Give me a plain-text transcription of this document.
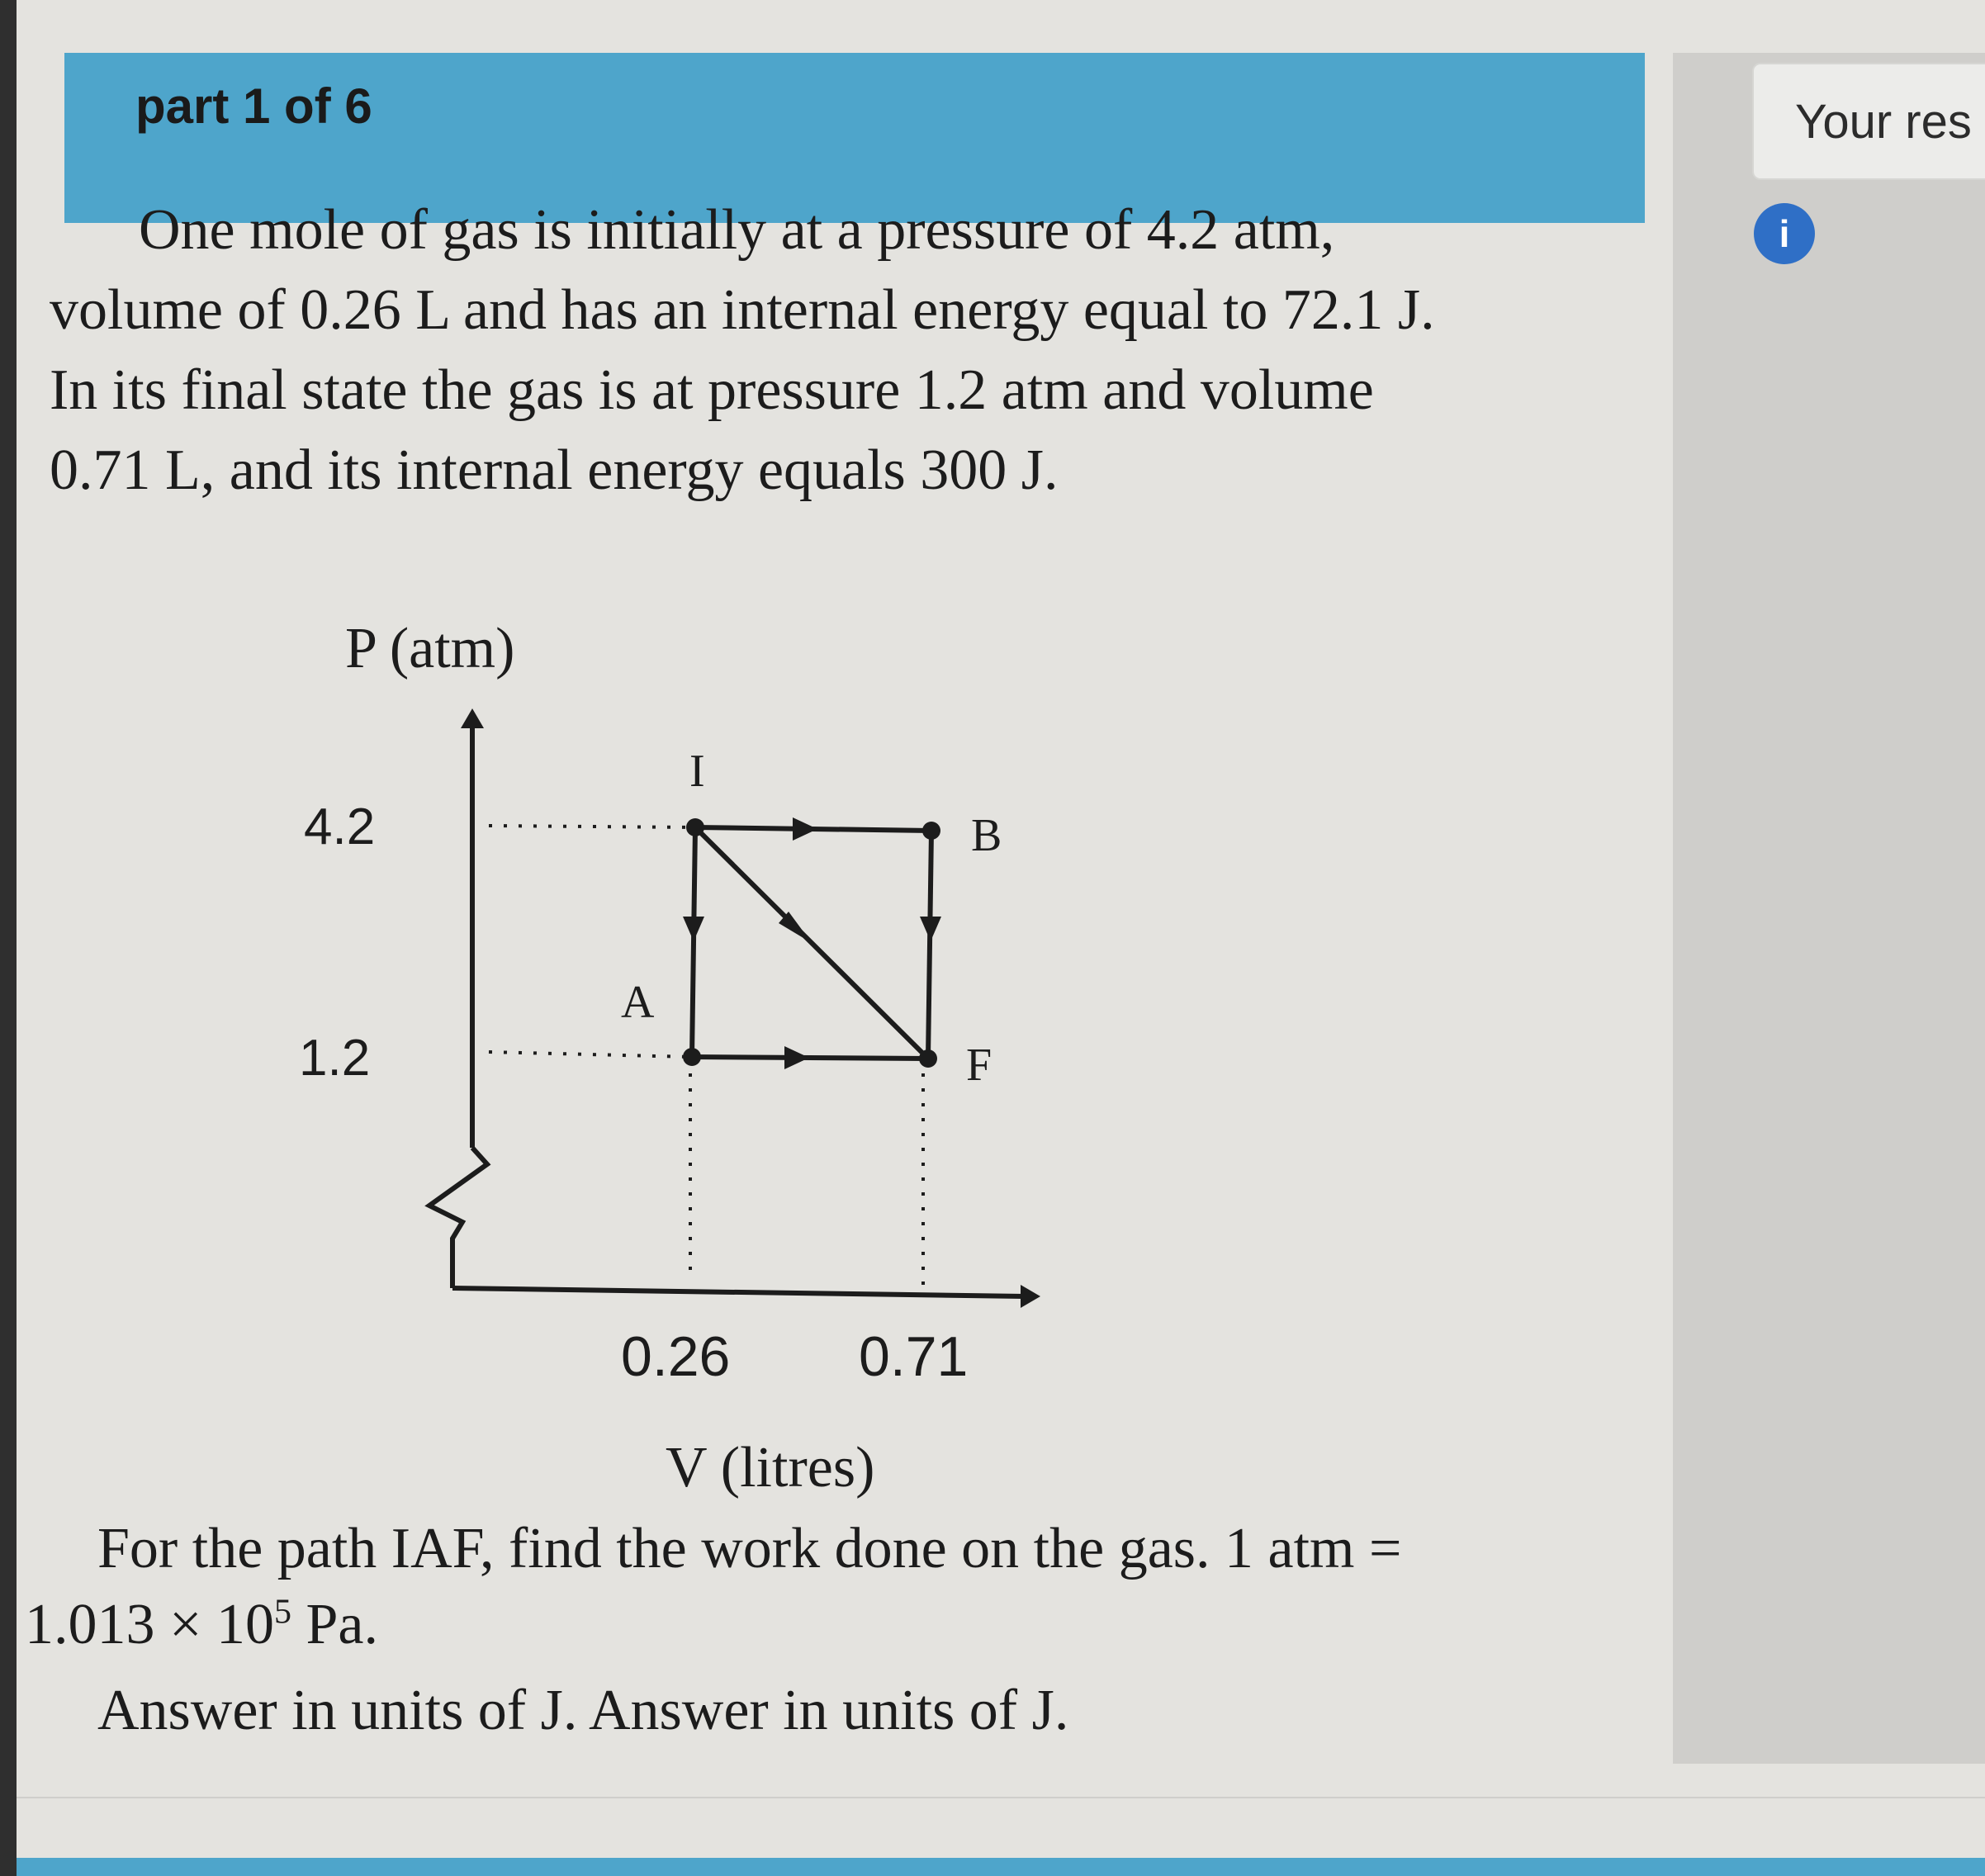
part 1 of 6

One mole of gas is initially at a pressure of 4.2 atm, volume of 0.26 L and has an internal energy equal to 72.1 J. In its final state the gas is at pressure 1.2 atm and volume 0.71 L, and its internal energy equals 300 J.

P (atm)
4.2
1.2
I
B
A
F
0.26 0.71
V (litres)

For the path IAF, find the work done on the gas. 1 atm = $1.013 \times 10^5$ Pa.

Answer in units of J. Answer in units of J.

Your res
i
